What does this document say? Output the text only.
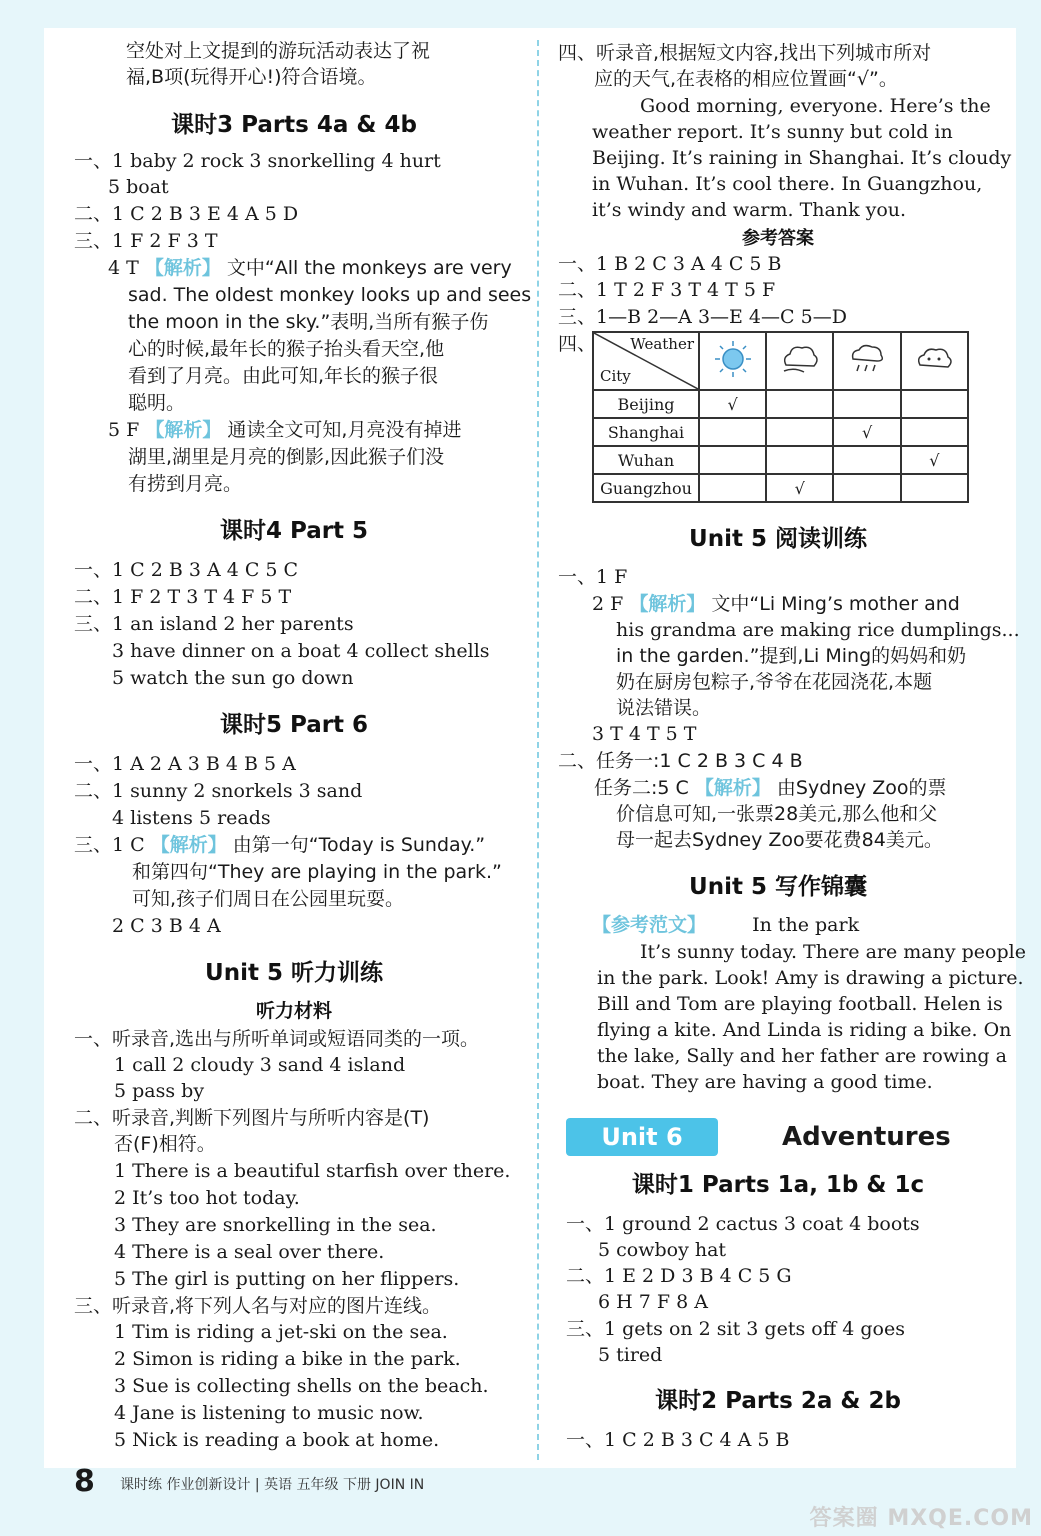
空处对上文提到的游玩活动表达了祝
福,B项(玩得开心!)符合语境。
课时3 Parts 4a & 4b
一、1 baby 2 rock 3 snorkelling 4 hurt
5 boat
二、1 C 2 B 3 E 4 A 5 D
三、1 F 2 F 3 T
4 T 【解析】 文中“All the monkeys are very
sad. The oldest monkey looks up and sees
the moon in the sky.”表明,当所有猴子伤
心的时候,最年长的猴子抬头看天空,他
看到了月亮。由此可知,年长的猴子很
聪明。
5 F 【解析】 通读全文可知,月亮没有掉进
湖里,湖里是月亮的倒影,因此猴子们没
有捞到月亮。
课时4 Part 5
一、1 C 2 B 3 A 4 C 5 C
二、1 F 2 T 3 T 4 F 5 T
三、1 an island 2 her parents
3 have dinner on a boat 4 collect shells
5 watch the sun go down
课时5 Part 6
一、1 A 2 A 3 B 4 B 5 A
二、1 sunny 2 snorkels 3 sand
4 listens 5 reads
三、1 C 【解析】 由第一句“Today is Sunday.”
和第四句“They are playing in the park.”
可知,孩子们周日在公园里玩耍。
2 C 3 B 4 A
Unit 5 听力训练
听力材料
一、听录音,选出与所听单词或短语同类的一项。
1 call 2 cloudy 3 sand 4 island
5 pass by
二、听录音,判断下列图片与所听内容是(T)
否(F)相符。
1 There is a beautiful starfish over there.
2 It’s too hot today.
3 They are snorkelling in the sea.
4 There is a seal over there.
5 The girl is putting on her flippers.
三、听录音,将下列人名与对应的图片连线。
1 Tim is riding a jet-ski on the sea.
2 Simon is riding a bike in the park.
3 Sue is collecting shells on the beach.
4 Jane is listening to music now.
5 Nick is reading a book at home.
四、听录音,根据短文内容,找出下列城市所对
应的天气,在表格的相应位置画“√”。
Good morning, everyone. Here’s the
weather report. It’s sunny but cold in
Beijing. It’s raining in Shanghai. It’s cloudy
in Wuhan. It’s cool there. In Guangzhou,
it’s windy and warm. Thank you.
参考答案
一、1 B 2 C 3 A 4 C 5 B
二、1 T 2 F 3 T 4 T 5 F
三、1—B 2—A 3—E 4—C 5—D
四、 Weather
City

Beijing	√			
Shanghai			√	
Wuhan				√
Guangzhou		√		
Unit 5 阅读训练
一、1 F
2 F 【解析】 文中“Li Ming’s mother and
his grandma are making rice dumplings...
in the garden.”提到,Li Ming的妈妈和奶
奶在厨房包粽子,爷爷在花园浇花,本题
说法错误。
3 T 4 T 5 T
二、任务一:1 C 2 B 3 C 4 B
任务二:5 C 【解析】 由Sydney Zoo的票
价信息可知,一张票28美元,那么他和父
母一起去Sydney Zoo要花费84美元。
Unit 5 写作锦囊
【参考范文】 In the park
It’s sunny today. There are many people
in the park. Look! Amy is drawing a picture.
Bill and Tom are playing football. Helen is
flying a kite. And Linda is riding a bike. On
the lake, Sally and her father are rowing a
boat. They are having a good time.
Unit 6	Adventures
课时1 Parts 1a, 1b & 1c
一、1 ground 2 cactus 3 coat 4 boots
5 cowboy hat
二、1 E 2 D 3 B 4 C 5 G
6 H 7 F 8 A
三、1 gets on 2 sit 3 gets off 4 goes
5 tired
课时2 Parts 2a & 2b
一、1 C 2 B 3 C 4 A 5 B
8 课时练 作业创新设计 | 英语 五年级 下册 JOIN IN
答案圈 MXQE.COM
